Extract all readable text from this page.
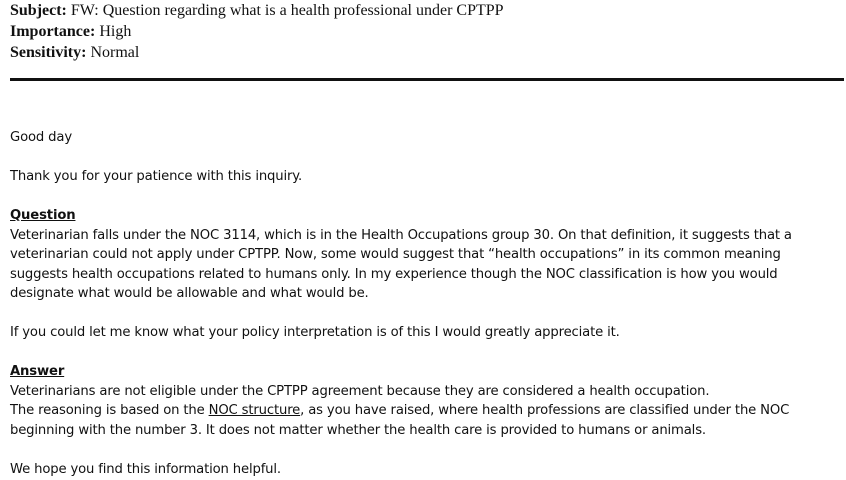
Subject: FW: Question regarding what is a health professional under CPTPP
Importance: High
Sensitivity: Normal

Good day

Thank you for your patience with this inquiry.

Question

Veterinarian falls under the NOC 3114, which is in the Health Occupations group 30. On that definition, it suggests that a veterinarian could not apply under CPTPP. Now, some would suggest that “health occupations” in its common meaning suggests health occupations related to humans only. In my experience though the NOC classification is how you would designate what would be allowable and what would be.

If you could let me know what your policy interpretation is of this I would greatly appreciate it.

Answer

Veterinarians are not eligible under the CPTPP agreement because they are considered a health occupation.

The reasoning is based on the NOC structure, as you have raised, where health professions are classified under the NOC beginning with the number 3. It does not matter whether the health care is provided to humans or animals.

We hope you find this information helpful.
